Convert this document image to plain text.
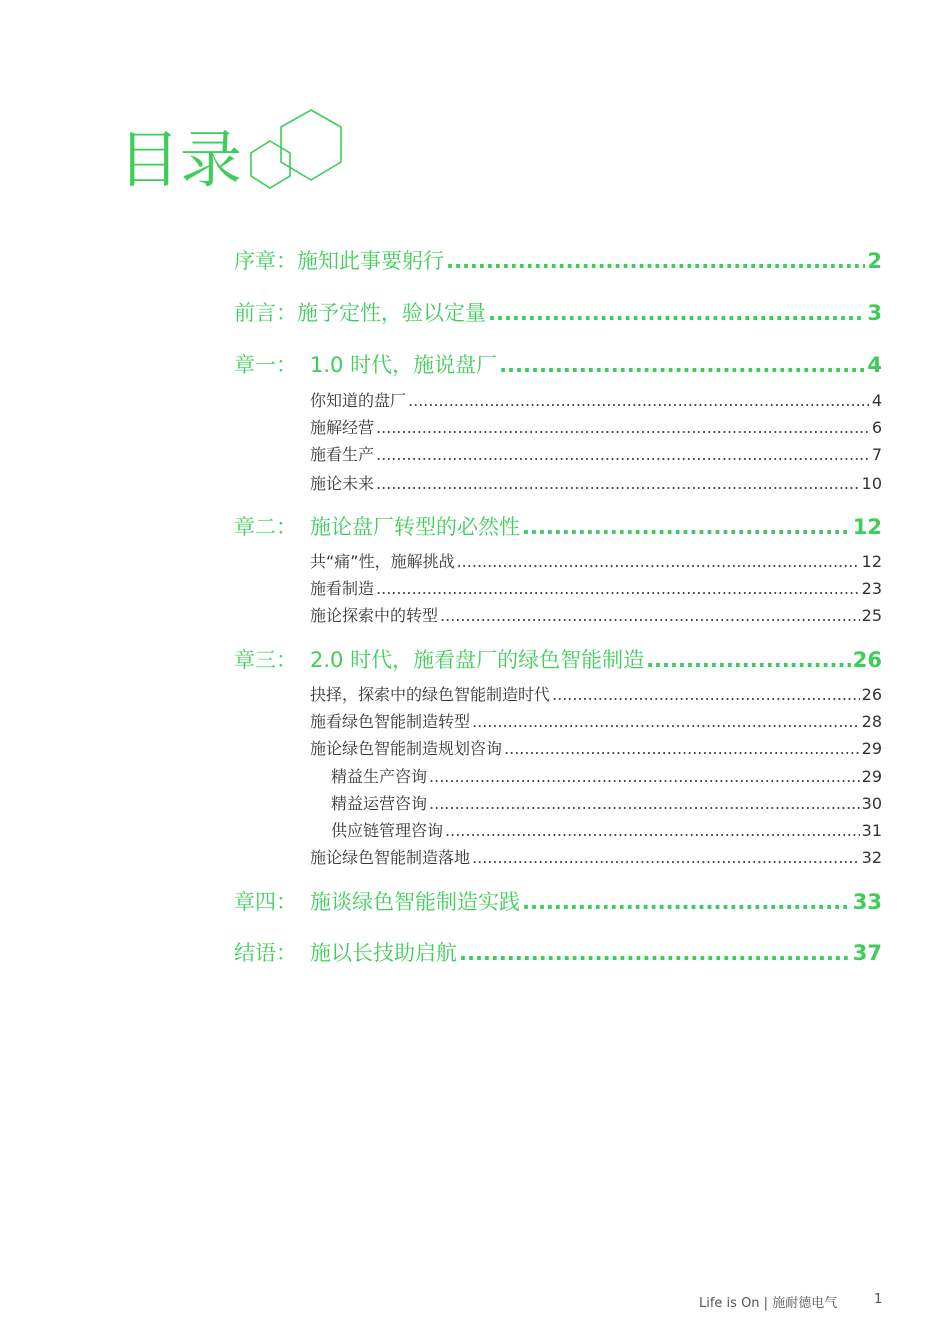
目录
序章：施知此事要躬行 .....	2
前言：施予定性，验以定量 .....	3
章一： 1.0 时代，施说盘厂 .....	4
你知道的盘厂 .....	4
施解经营 .....	6
施看生产 .....	7
施论未来 .....	10
章二： 施论盘厂转型的必然性 .....	12
共“痛”性，施解挑战 .....	12
施看制造 .....	23
施论探索中的转型 .....	25
章三： 2.0 时代，施看盘厂的绿色智能制造 .....	26
抉择，探索中的绿色智能制造时代 .....	26
施看绿色智能制造转型 .....	28
施论绿色智能制造规划咨询 .....	29
精益生产咨询 .....	29
精益运营咨询 .....	30
供应链管理咨询 .....	31
施论绿色智能制造落地 .....	32
章四： 施谈绿色智能制造实践 .....	33
结语： 施以长技助启航 .....	37
Life is On | 施耐德电气	1
